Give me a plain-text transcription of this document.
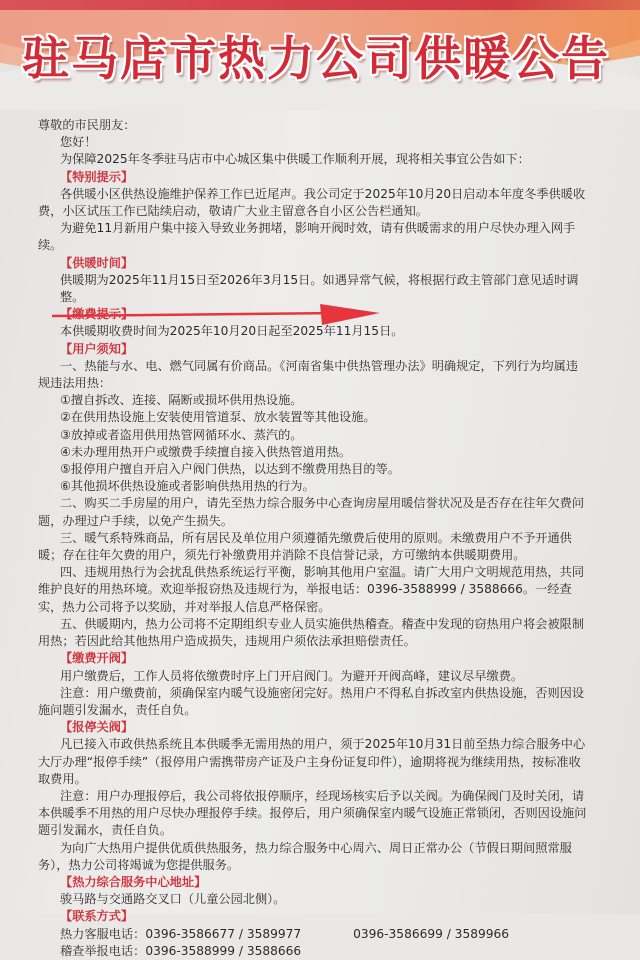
驻马店市热力公司供暖公告

尊敬的市民朋友：

您好！

为保障2025年冬季驻马店市中心城区集中供暖工作顺利开展，现将相关事宜公告如下：

【 特别提示 】

各供暖小区供热设施维护保养工作已近尾声。我公司定于2025年10月20日启动本年度冬季供暖收费，小区试压工作已陆续启动，敬请广大业主留意各自小区公告栏通知。

为避免11月新用户集中接入导致业务拥堵，影响开阀时效，请有供暖需求的用户尽快办理入网手续。

【 供暖时间 】

供暖期为2025年11月15日至2026年3月15日。如遇异常气候，将根据行政主管部门意见适时调整。

【 缴费提示 】

本供暖期收费时间为2025年10月20日起至2025年11月15日。

【 用户须知 】

一、热能与水、电、燃气同属有价商品。《河南省集中供热管理办法》明确规定，下列行为均属违规违法用热：

①擅自拆改、连接、隔断或损坏供用热设施。

②在供用热设施上安装使用管道泵、放水装置等其他设施。

③放掉或者盗用供用热管网循环水、蒸汽的。

④未办理用热开户或缴费手续擅自接入供热管道用热。

⑤报停用户擅自开启入户阀门供热，以达到不缴费用热目的等。

⑥其他损坏供热设施或者影响供热用热的行为。

二、购买二手房屋的用户，请先至热力综合服务中心查询房屋用暖信誉状况及是否存在往年欠费问题，办理过户手续，以免产生损失。

三、暖气系特殊商品，所有居民及单位用户须遵循先缴费后使用的原则。未缴费用户不予开通供暖；存在往年欠费的用户，须先行补缴费用并消除不良信誉记录，方可缴纳本供暖期费用。

四、违规用热行为会扰乱供热系统运行平衡，影响其他用户室温。请广大用户文明规范用热，共同维护良好的用热环境。欢迎举报窃热及违规行为，举报电话：0396-3588999 / 3588666。一经查实，热力公司将予以奖励，并对举报人信息严格保密。

五、供暖期内，热力公司将不定期组织专业人员实施供热稽查。稽查中发现的窃热用户将会被限制用热；若因此给其他热用户造成损失，违规用户须依法承担赔偿责任。

【 缴费开阀 】

用户缴费后，工作人员将依缴费时序上门开启阀门。为避开开阀高峰，建议尽早缴费。

注意：用户缴费前，须确保室内暖气设施密闭完好。热用户不得私自拆改室内供热设施，否则因设施问题引发漏水，责任自负。

【 报停关阀 】

凡已接入市政供热系统且本供暖季无需用热的用户，须于2025年10月31日前至热力综合服务中心大厅办理“报停手续”（报停用户需携带房产证及户主身份证复印件），逾期将视为继续用热，按标准收取费用。

注意：用户办理报停后，我公司将依报停顺序，经现场核实后予以关阀。为确保阀门及时关闭，请本供暖季不用热的用户尽快办理报停手续。报停后，用户须确保室内暖气设施正常锁闭，否则因设施问题引发漏水，责任自负。

为向广大热用户提供优质供热服务，热力综合服务中心周六、周日正常办公（节假日期间照常服务），热力公司将竭诚为您提供服务。

【 热力综合服务中心地址 】

骏马路与交通路交叉口（儿童公园北侧）。

【 联系方式 】
热力客服电话：0396-3586677 / 3589977	0396-3586699 / 3589966
稽查举报电话：0396-3588999 / 3588666
